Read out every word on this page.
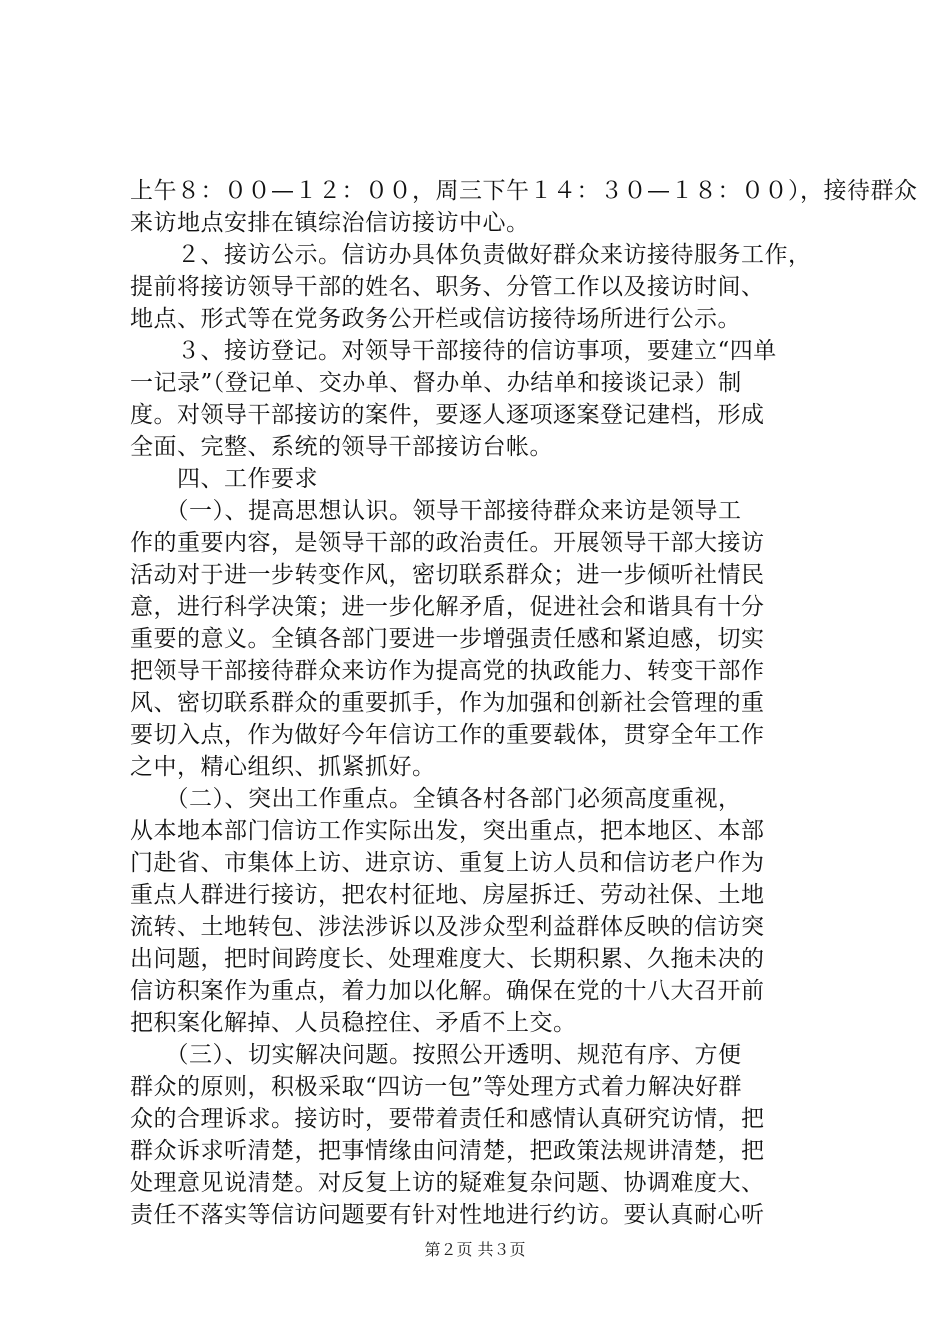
上午８：００—１２：００，周三下午１４：３０—１８：００），接待群众
来访地点安排在镇综治信访接访中心。
　　２、接访公示。信访办具体负责做好群众来访接待服务工作，
提前将接访领导干部的姓名、职务、分管工作以及接访时间、
地点、形式等在党务政务公开栏或信访接待场所进行公示。
　　３、接访登记。对领导干部接待的信访事项，要建立“四单
一记录”（登记单、交办单、督办单、办结单和接谈记录）制
度。对领导干部接访的案件，要逐人逐项逐案登记建档，形成
全面、完整、系统的领导干部接访台帐。
　　四、工作要求
　　（一）、提高思想认识。领导干部接待群众来访是领导工
作的重要内容，是领导干部的政治责任。开展领导干部大接访
活动对于进一步转变作风，密切联系群众；进一步倾听社情民
意，进行科学决策；进一步化解矛盾，促进社会和谐具有十分
重要的意义。全镇各部门要进一步增强责任感和紧迫感，切实
把领导干部接待群众来访作为提高党的执政能力、转变干部作
风、密切联系群众的重要抓手，作为加强和创新社会管理的重
要切入点，作为做好今年信访工作的重要载体，贯穿全年工作
之中，精心组织、抓紧抓好。
　　（二）、突出工作重点。全镇各村各部门必须高度重视，
从本地本部门信访工作实际出发，突出重点，把本地区、本部
门赴省、市集体上访、进京访、重复上访人员和信访老户作为
重点人群进行接访，把农村征地、房屋拆迁、劳动社保、土地
流转、土地转包、涉法涉诉以及涉众型利益群体反映的信访突
出问题，把时间跨度长、处理难度大、长期积累、久拖未决的
信访积案作为重点，着力加以化解。确保在党的十八大召开前
把积案化解掉、人员稳控住、矛盾不上交。
　　（三）、切实解决问题。按照公开透明、规范有序、方便
群众的原则，积极采取“四访一包”等处理方式着力解决好群
众的合理诉求。接访时，要带着责任和感情认真研究访情，把
群众诉求听清楚，把事情缘由问清楚，把政策法规讲清楚，把
处理意见说清楚。对反复上访的疑难复杂问题、协调难度大、
责任不落实等信访问题要有针对性地进行约访。要认真耐心听
第２页 共３页
